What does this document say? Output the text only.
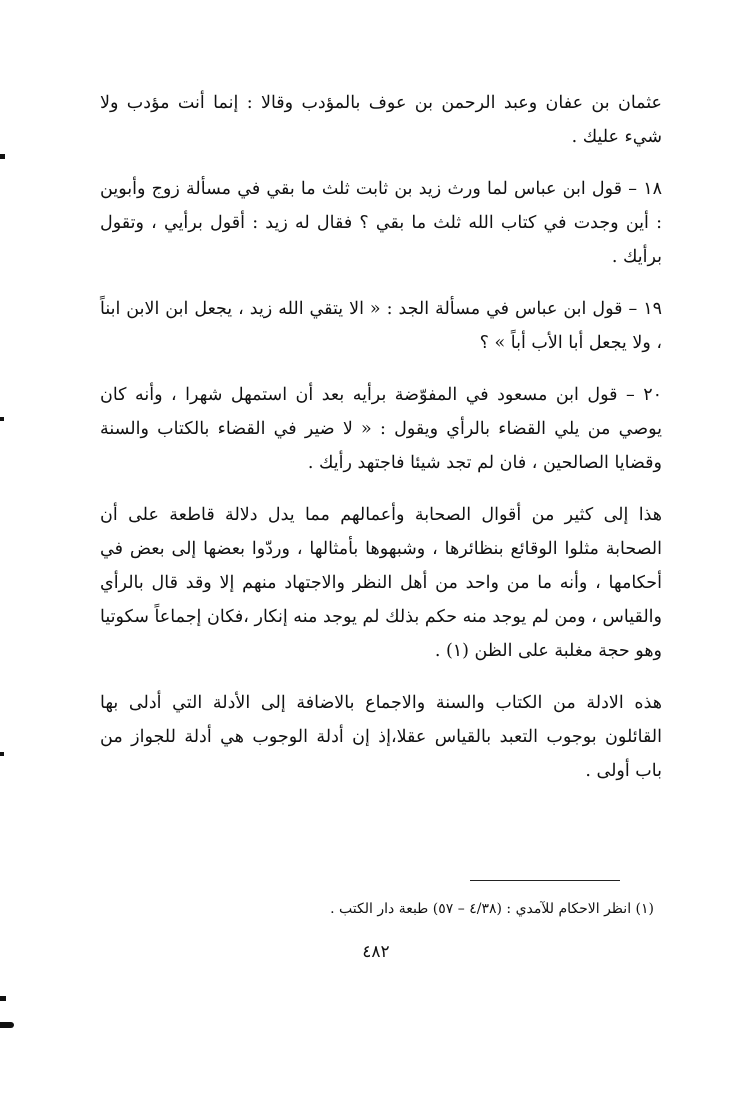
عثمان بن عفان وعبد الرحمن بن عوف بالمؤدب وقالا : إنما أنت مؤدب ولا شيء عليك .

١٨ – قول ابن عباس لما ورث زيد بن ثابت ثلث ما بقي في مسألة زوج وأبوين : أين وجدت في كتاب الله ثلث ما بقي ؟ فقال له زيد : أقول برأيي ، وتقول برأيك .

١٩ – قول ابن عباس في مسألة الجد : « الا يتقي الله زيد ، يجعل ابن الابن ابناً ، ولا يجعل أبا الأب أباً » ؟

٢٠ – قول ابن مسعود في المفوّضة برأيه بعد أن استمهل شهرا ، وأنه كان يوصي من يلي القضاء بالرأي ويقول : « لا ضير في القضاء بالكتاب والسنة وقضايا الصالحين ، فان لم تجد شيئا فاجتهد رأيك .

هذا إلى كثير من أقوال الصحابة وأعمالهم مما يدل دلالة قاطعة على أن الصحابة مثلوا الوقائع بنظائرها ، وشبهوها بأمثالها ، وردّوا بعضها إلى بعض في أحكامها ، وأنه ما من واحد من أهل النظر والاجتهاد منهم إلا وقد قال بالرأي والقياس ، ومن لم يوجد منه حكم بذلك لم يوجد منه إنكار ،فكان إجماعاً سكوتيا وهو حجة مغلبة على الظن (١) .

هذه الادلة من الكتاب والسنة والاجماع بالاضافة إلى الأدلة التي أدلى بها القائلون بوجوب التعبد بالقياس عقلا،إذ إن أدلة الوجوب هي أدلة للجواز من باب أولى .

(١) انظر الاحكام للآمدي : (٤/٣٨ – ٥٧) طبعة دار الكتب .
٤٨٢
